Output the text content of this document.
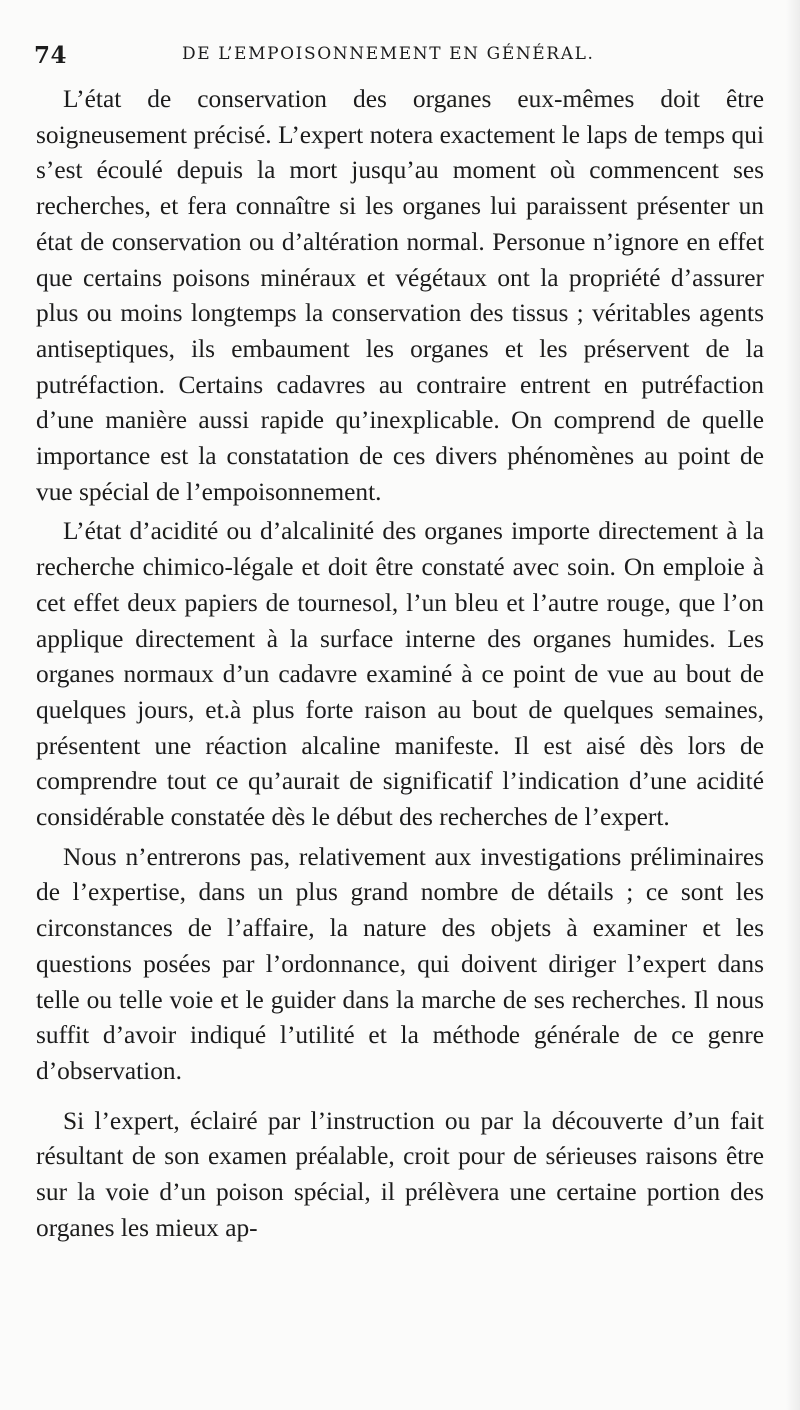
74	DE L’EMPOISONNEMENT EN GÉNÉRAL.

L’état de conservation des organes eux-mêmes doit être soigneusement précisé. L’expert notera exactement le laps de temps qui s’est écoulé depuis la mort jusqu’au moment où commencent ses recherches, et fera connaître si les organes lui paraissent présenter un état de conservation ou d’altération normal. Personue n’ignore en effet que certains poisons minéraux et végétaux ont la propriété d’assurer plus ou moins longtemps la conservation des tissus ; véritables agents antiseptiques, ils embaument les organes et les préservent de la putréfaction. Certains cadavres au contraire entrent en putréfaction d’une manière aussi rapide qu’inexplicable. On comprend de quelle importance est la constatation de ces divers phénomènes au point de vue spécial de l’empoisonnement.

L’état d’acidité ou d’alcalinité des organes importe directement à la recherche chimico-légale et doit être constaté avec soin. On emploie à cet effet deux papiers de tournesol, l’un bleu et l’autre rouge, que l’on applique directement à la surface interne des organes humides. Les organes normaux d’un cadavre examiné à ce point de vue au bout de quelques jours, et.à plus forte raison au bout de quelques semaines, présentent une réaction alcaline manifeste. Il est aisé dès lors de comprendre tout ce qu’aurait de significatif l’indication d’une acidité considérable constatée dès le début des recherches de l’expert.

Nous n’entrerons pas, relativement aux investigations préliminaires de l’expertise, dans un plus grand nombre de détails ; ce sont les circonstances de l’affaire, la nature des objets à examiner et les questions posées par l’ordonnance, qui doivent diriger l’expert dans telle ou telle voie et le guider dans la marche de ses recherches. Il nous suffit d’avoir indiqué l’utilité et la méthode générale de ce genre d’observation.

Si l’expert, éclairé par l’instruction ou par la découverte d’un fait résultant de son examen préalable, croit pour de sérieuses raisons être sur la voie d’un poison spécial, il prélèvera une certaine portion des organes les mieux ap-
